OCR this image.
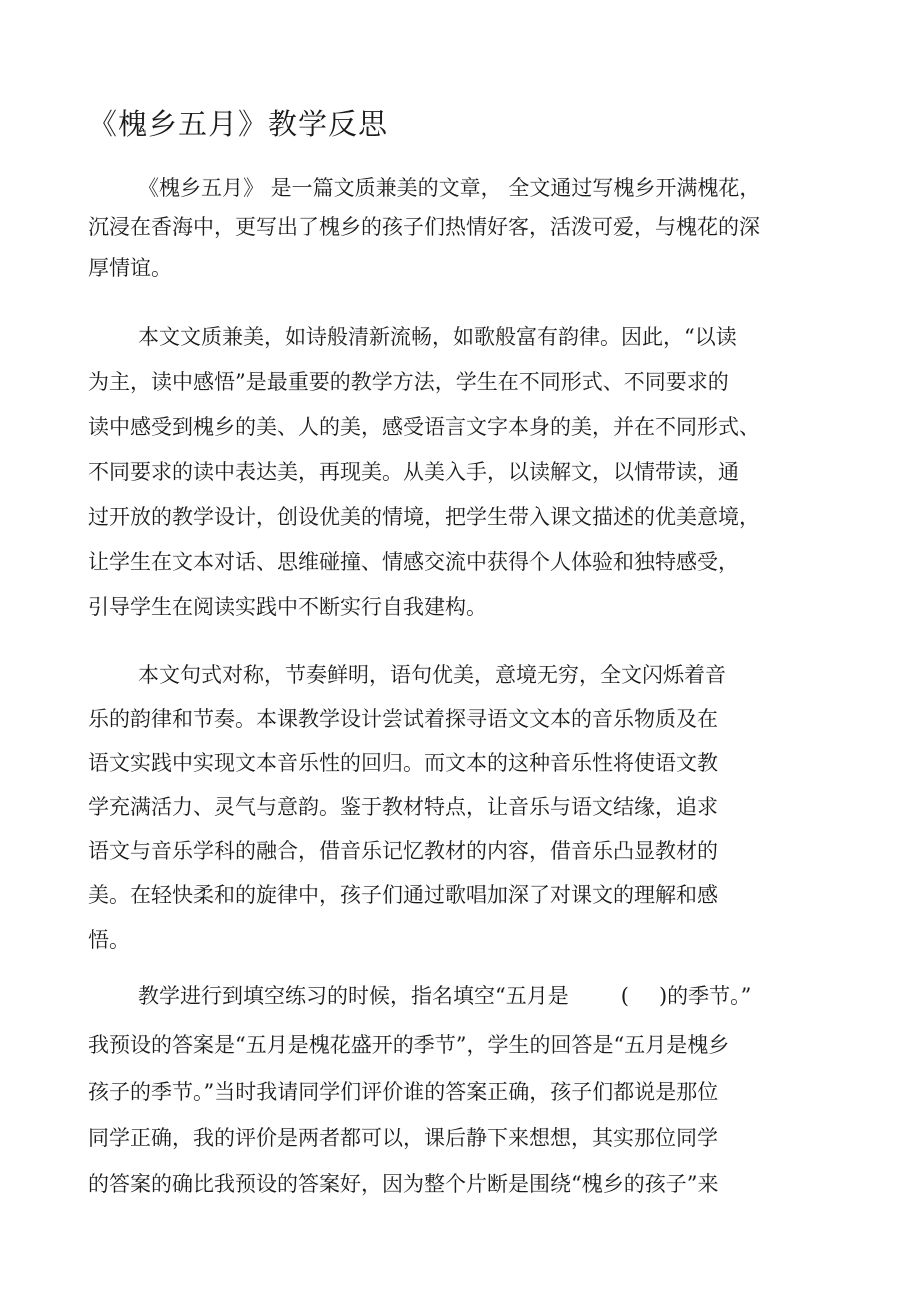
《槐乡五月》教学反思

《槐乡五月》 是一篇文质兼美的文章， 全文通过写槐乡开满槐花，

沉浸在香海中，更写出了槐乡的孩子们热情好客，活泼可爱，与槐花的深

厚情谊。

本文文质兼美，如诗般清新流畅，如歌般富有韵律。因此，“以读

为主，读中感悟”是最重要的教学方法，学生在不同形式、不同要求的

读中感受到槐乡的美、人的美，感受语言文字本身的美，并在不同形式、

不同要求的读中表达美，再现美。从美入手，以读解文，以情带读，通

过开放的教学设计，创设优美的情境，把学生带入课文描述的优美意境，

让学生在文本对话、思维碰撞、情感交流中获得个人体验和独特感受，

引导学生在阅读实践中不断实行自我建构。

本文句式对称，节奏鲜明，语句优美，意境无穷，全文闪烁着音

乐的韵律和节奏。本课教学设计尝试着探寻语文文本的音乐物质及在

语文实践中实现文本音乐性的回归。而文本的这种音乐性将使语文教

学充满活力、灵气与意韵。鉴于教材特点，让音乐与语文结缘，追求

语文与音乐学科的融合，借音乐记忆教材的内容，借音乐凸显教材的

美。在轻快柔和的旋律中，孩子们通过歌唱加深了对课文的理解和感

悟。

教学进行到填空练习的时候，指名填空“五月是 ( )的季节。”

我预设的答案是“五月是槐花盛开的季节”，学生的回答是“五月是槐乡

孩子的季节。”当时我请同学们评价谁的答案正确，孩子们都说是那位

同学正确，我的评价是两者都可以，课后静下来想想，其实那位同学

的答案的确比我预设的答案好，因为整个片断是围绕“槐乡的孩子”来
